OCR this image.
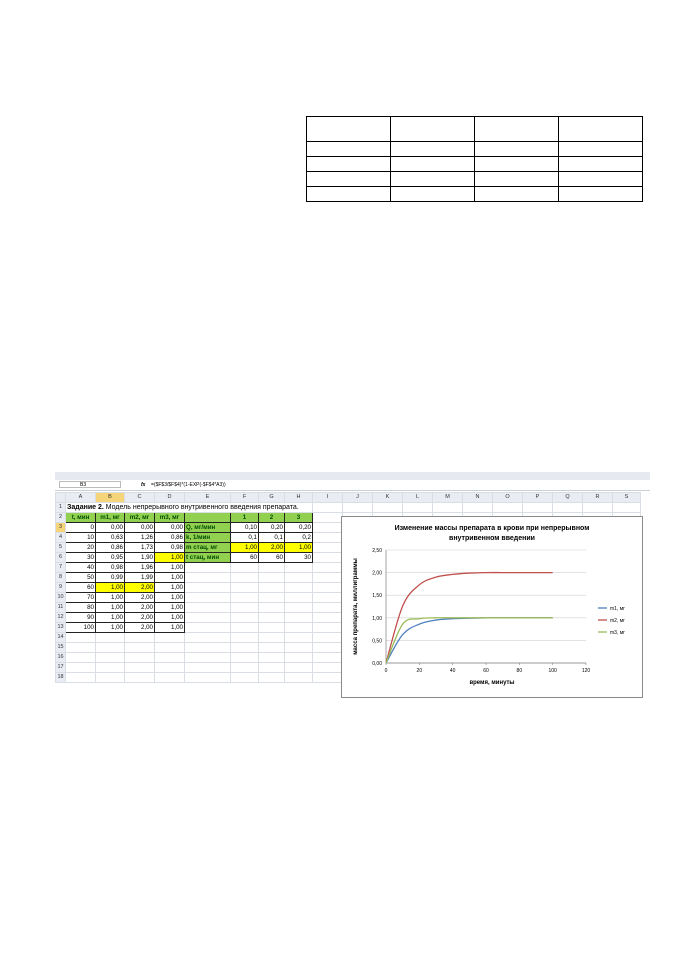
B3	fx =($F$3/$F$4)*(1-EXP(-$F$4*A3))
	A	B	C	D	E	F	G	H	I	J	K	L	M	N	O	P	Q	R	S
1	Задание 2. Модель непрерывного внутривенного введения препарата.																		
2	t, мин	m1, мг	m2, мг	m3, мг		1	2	3											
3	0	0,00	0,00	0,00	Q, мг/мин	0,10	0,20	0,20											
4	10	0,63	1,26	0,86	k, 1/мин	0,1	0,1	0,2											
5	20	0,86	1,73	0,98	m стац, мг	1,00	2,00	1,00											
6	30	0,95	1,90	1,00	t стац, мин	60	60	30											
7	40	0,98	1,96	1,00															
8	50	0,99	1,99	1,00															
9	60	1,00	2,00	1,00															
10	70	1,00	2,00	1,00															
11	80	1,00	2,00	1,00															
12	90	1,00	2,00	1,00															
13	100	1,00	2,00	1,00															
14																			
15																			
16																			
17																			
18																			
Изменение массы препарата в крови при непрерывном
внутривенном введении
0,00
0,50
1,00
1,50
2,00
2,50
0	20	40	60	80	100	120
время, минуты
масса препарата, миллиграммы	m1, мг
m2, мг
m3, мг
